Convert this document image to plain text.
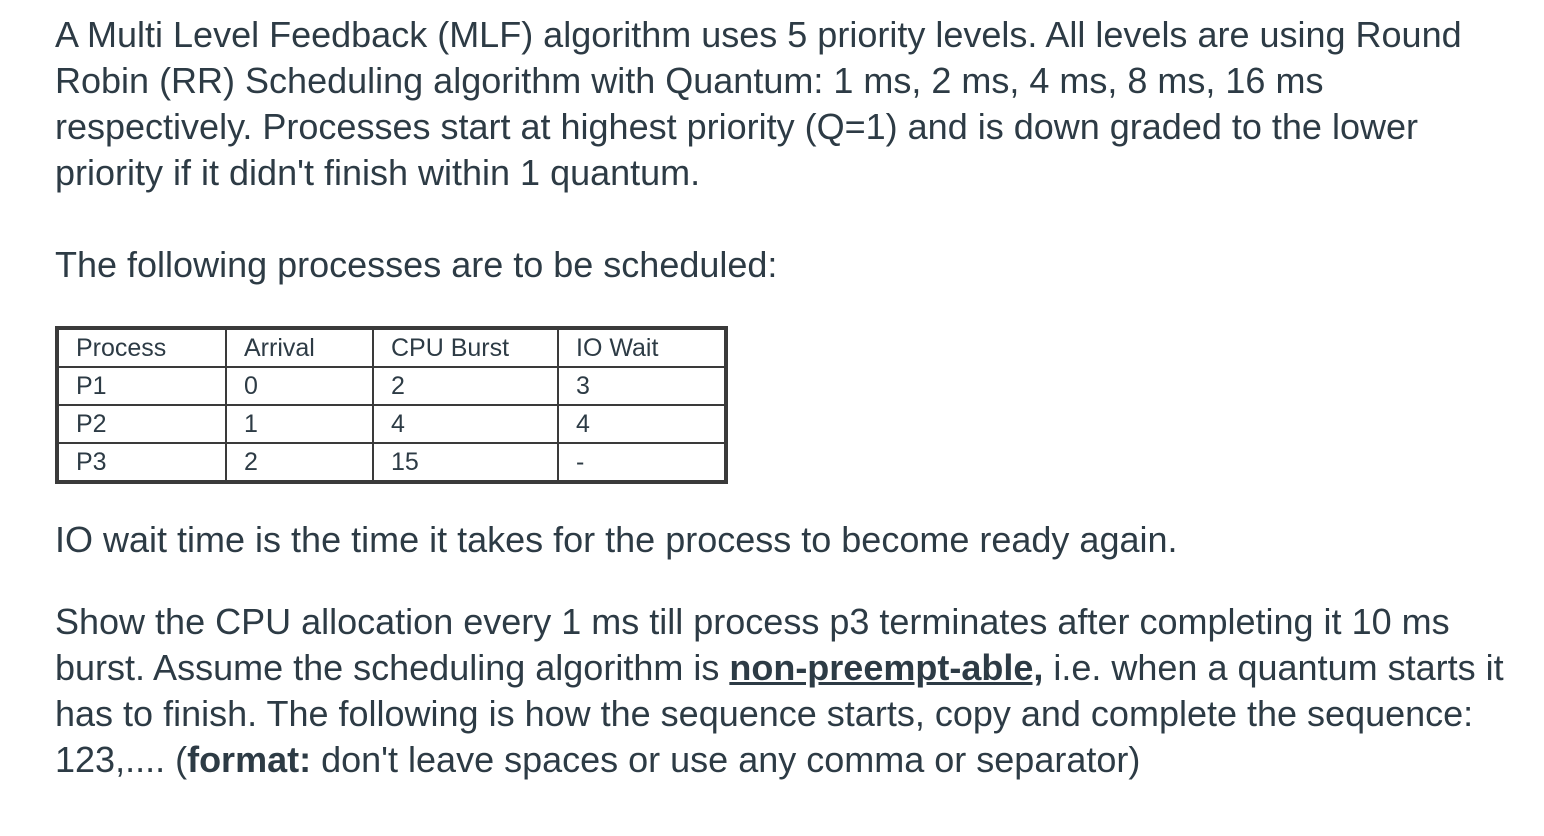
A Multi Level Feedback (MLF) algorithm uses 5 priority levels. All levels are using Round Robin (RR) Scheduling algorithm with Quantum: 1 ms, 2 ms, 4 ms, 8 ms, 16 ms respectively. Processes start at highest priority (Q=1) and is down graded to the lower priority if it didn't finish within 1 quantum.

The following processes are to be scheduled:

Process	Arrival	CPU Burst	IO Wait
P1	0	2	3
P2	1	4	4
P3	2	15	-

IO wait time is the time it takes for the process to become ready again.

Show the CPU allocation every 1 ms till process p3 terminates after completing it 10 ms burst. Assume the scheduling algorithm is non-preempt-able, i.e. when a quantum starts it has to finish. The following is how the sequence starts, copy and complete the sequence: 123,.... (format: don't leave spaces or use any comma or separator)
